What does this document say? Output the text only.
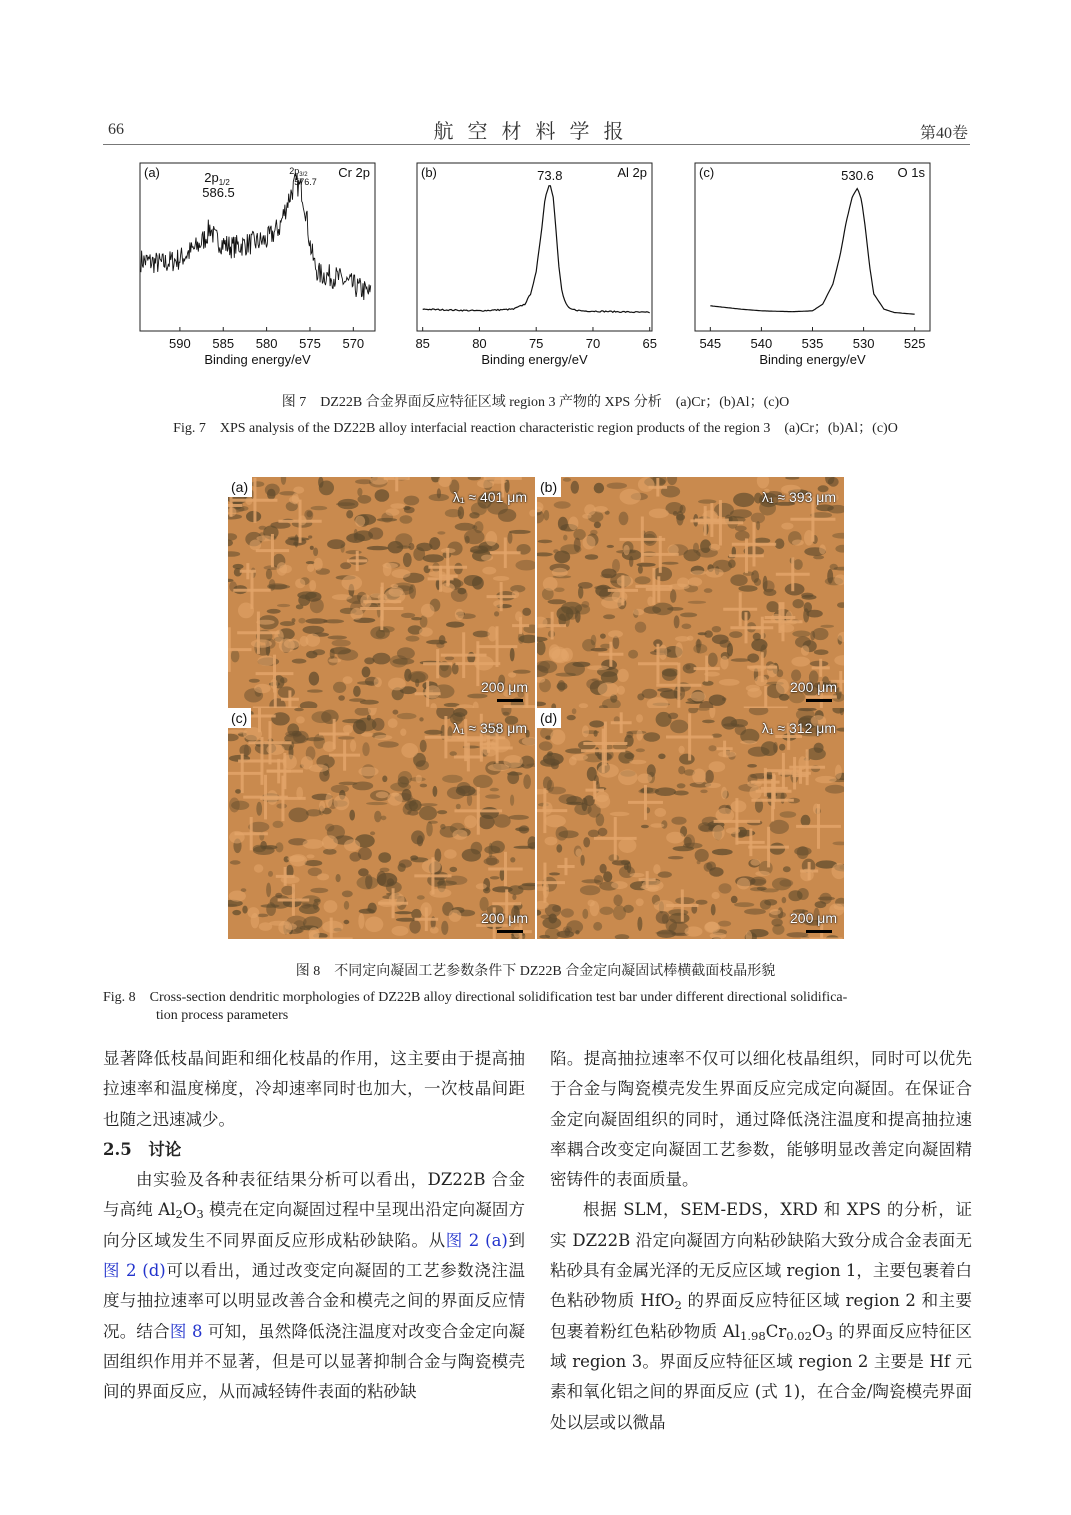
66	航空材料学报	第40卷
590 585 580 575 570
Binding energy/eV
(a)	Cr 2p
$2p_{1/2}$
586.5
$2p_{3/2}$
576.7
85	80	75	70	65
Binding energy/eV
(b)	Al 2p
73.8
545 540 535 530 525
Binding energy/eV
(c)	O 1s
530.6
图 7　DZ22B 合金界面反应特征区域 region 3 产物的 XPS 分析　(a)Cr；(b)Al；(c)O
Fig. 7　XPS analysis of the DZ22B alloy interfacial reaction characteristic region products of the region 3　(a)Cr；(b)Al；(c)O
(a)
λ₁ ≈ 401 μm
200 μm
(b)
λ₁ ≈ 393 μm
200 μm
(c)
λ₁ ≈ 358 μm
200 μm
(d)
λ₁ ≈ 312 μm
200 μm
图 8　不同定向凝固工艺参数条件下 DZ22B 合金定向凝固试棒横截面枝晶形貌
Fig. 8　Cross-section dendritic morphologies of DZ22B alloy directional solidification test bar under different directional solidifica-
tion process parameters

显著降低枝晶间距和细化枝晶的作用，这主要由于提高抽拉速率和温度梯度，冷却速率同时也加大，一次枝晶间距也随之迅速减少。

2.5  讨论

由实验及各种表征结果分析可以看出，DZ22B 合金与高纯 $Al_2O_3$ 模壳在定向凝固过程中呈现出沿定向凝固方向分区域发生不同界面反应形成粘砂缺陷。从图 2 (a)到图 2 (d)可以看出，通过改变定向凝固的工艺参数浇注温度与抽拉速率可以明显改善合金和模壳之间的界面反应情况。结合图 8 可知，虽然降低浇注温度对改变合金定向凝固组织作用并不显著，但是可以显著抑制合金与陶瓷模壳间的界面反应，从而减轻铸件表面的粘砂缺

陷。提高抽拉速率不仅可以细化枝晶组织，同时可以优先于合金与陶瓷模壳发生界面反应完成定向凝固。在保证合金定向凝固组织的同时，通过降低浇注温度和提高抽拉速率耦合改变定向凝固工艺参数，能够明显改善定向凝固精密铸件的表面质量。

根据 SLM，SEM-EDS，XRD 和 XPS 的分析，证实 DZ22B 沿定向凝固方向粘砂缺陷大致分成合金表面无粘砂具有金属光泽的无反应区域 region 1，主要包裹着白色粘砂物质 HfO$_2$ 的界面反应特征区域 region 2 和主要包裹着粉红色粘砂物质 $Al_{1.98}Cr_{0.02}O_3$ 的界面反应特征区域 region 3。界面反应特征区域 region 2 主要是 Hf 元素和氧化铝之间的界面反应 (式 1)，在合金/陶瓷模壳界面处以层或以微晶
